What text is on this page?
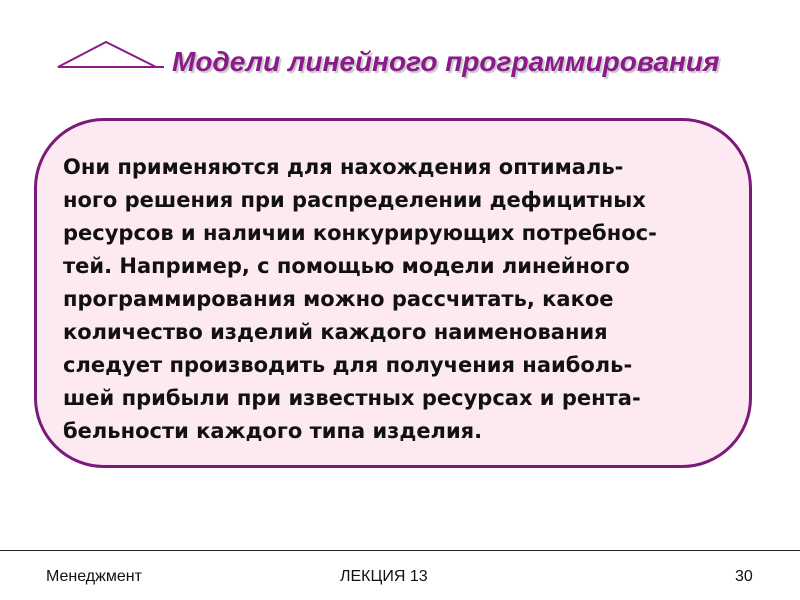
Модели линейного программирования
Они применяются для нахождения оптималь-
ного решения при распределении дефицитных
ресурсов и наличии конкурирующих потребнос-
тей. Например, с помощью модели линейного
программирования можно рассчитать, какое
количество изделий каждого наименования
следует производить для получения наиболь-
шей прибыли при известных ресурсах и рента-
бельности каждого типа изделия.
Менеджмент	ЛЕКЦИЯ 13	30
